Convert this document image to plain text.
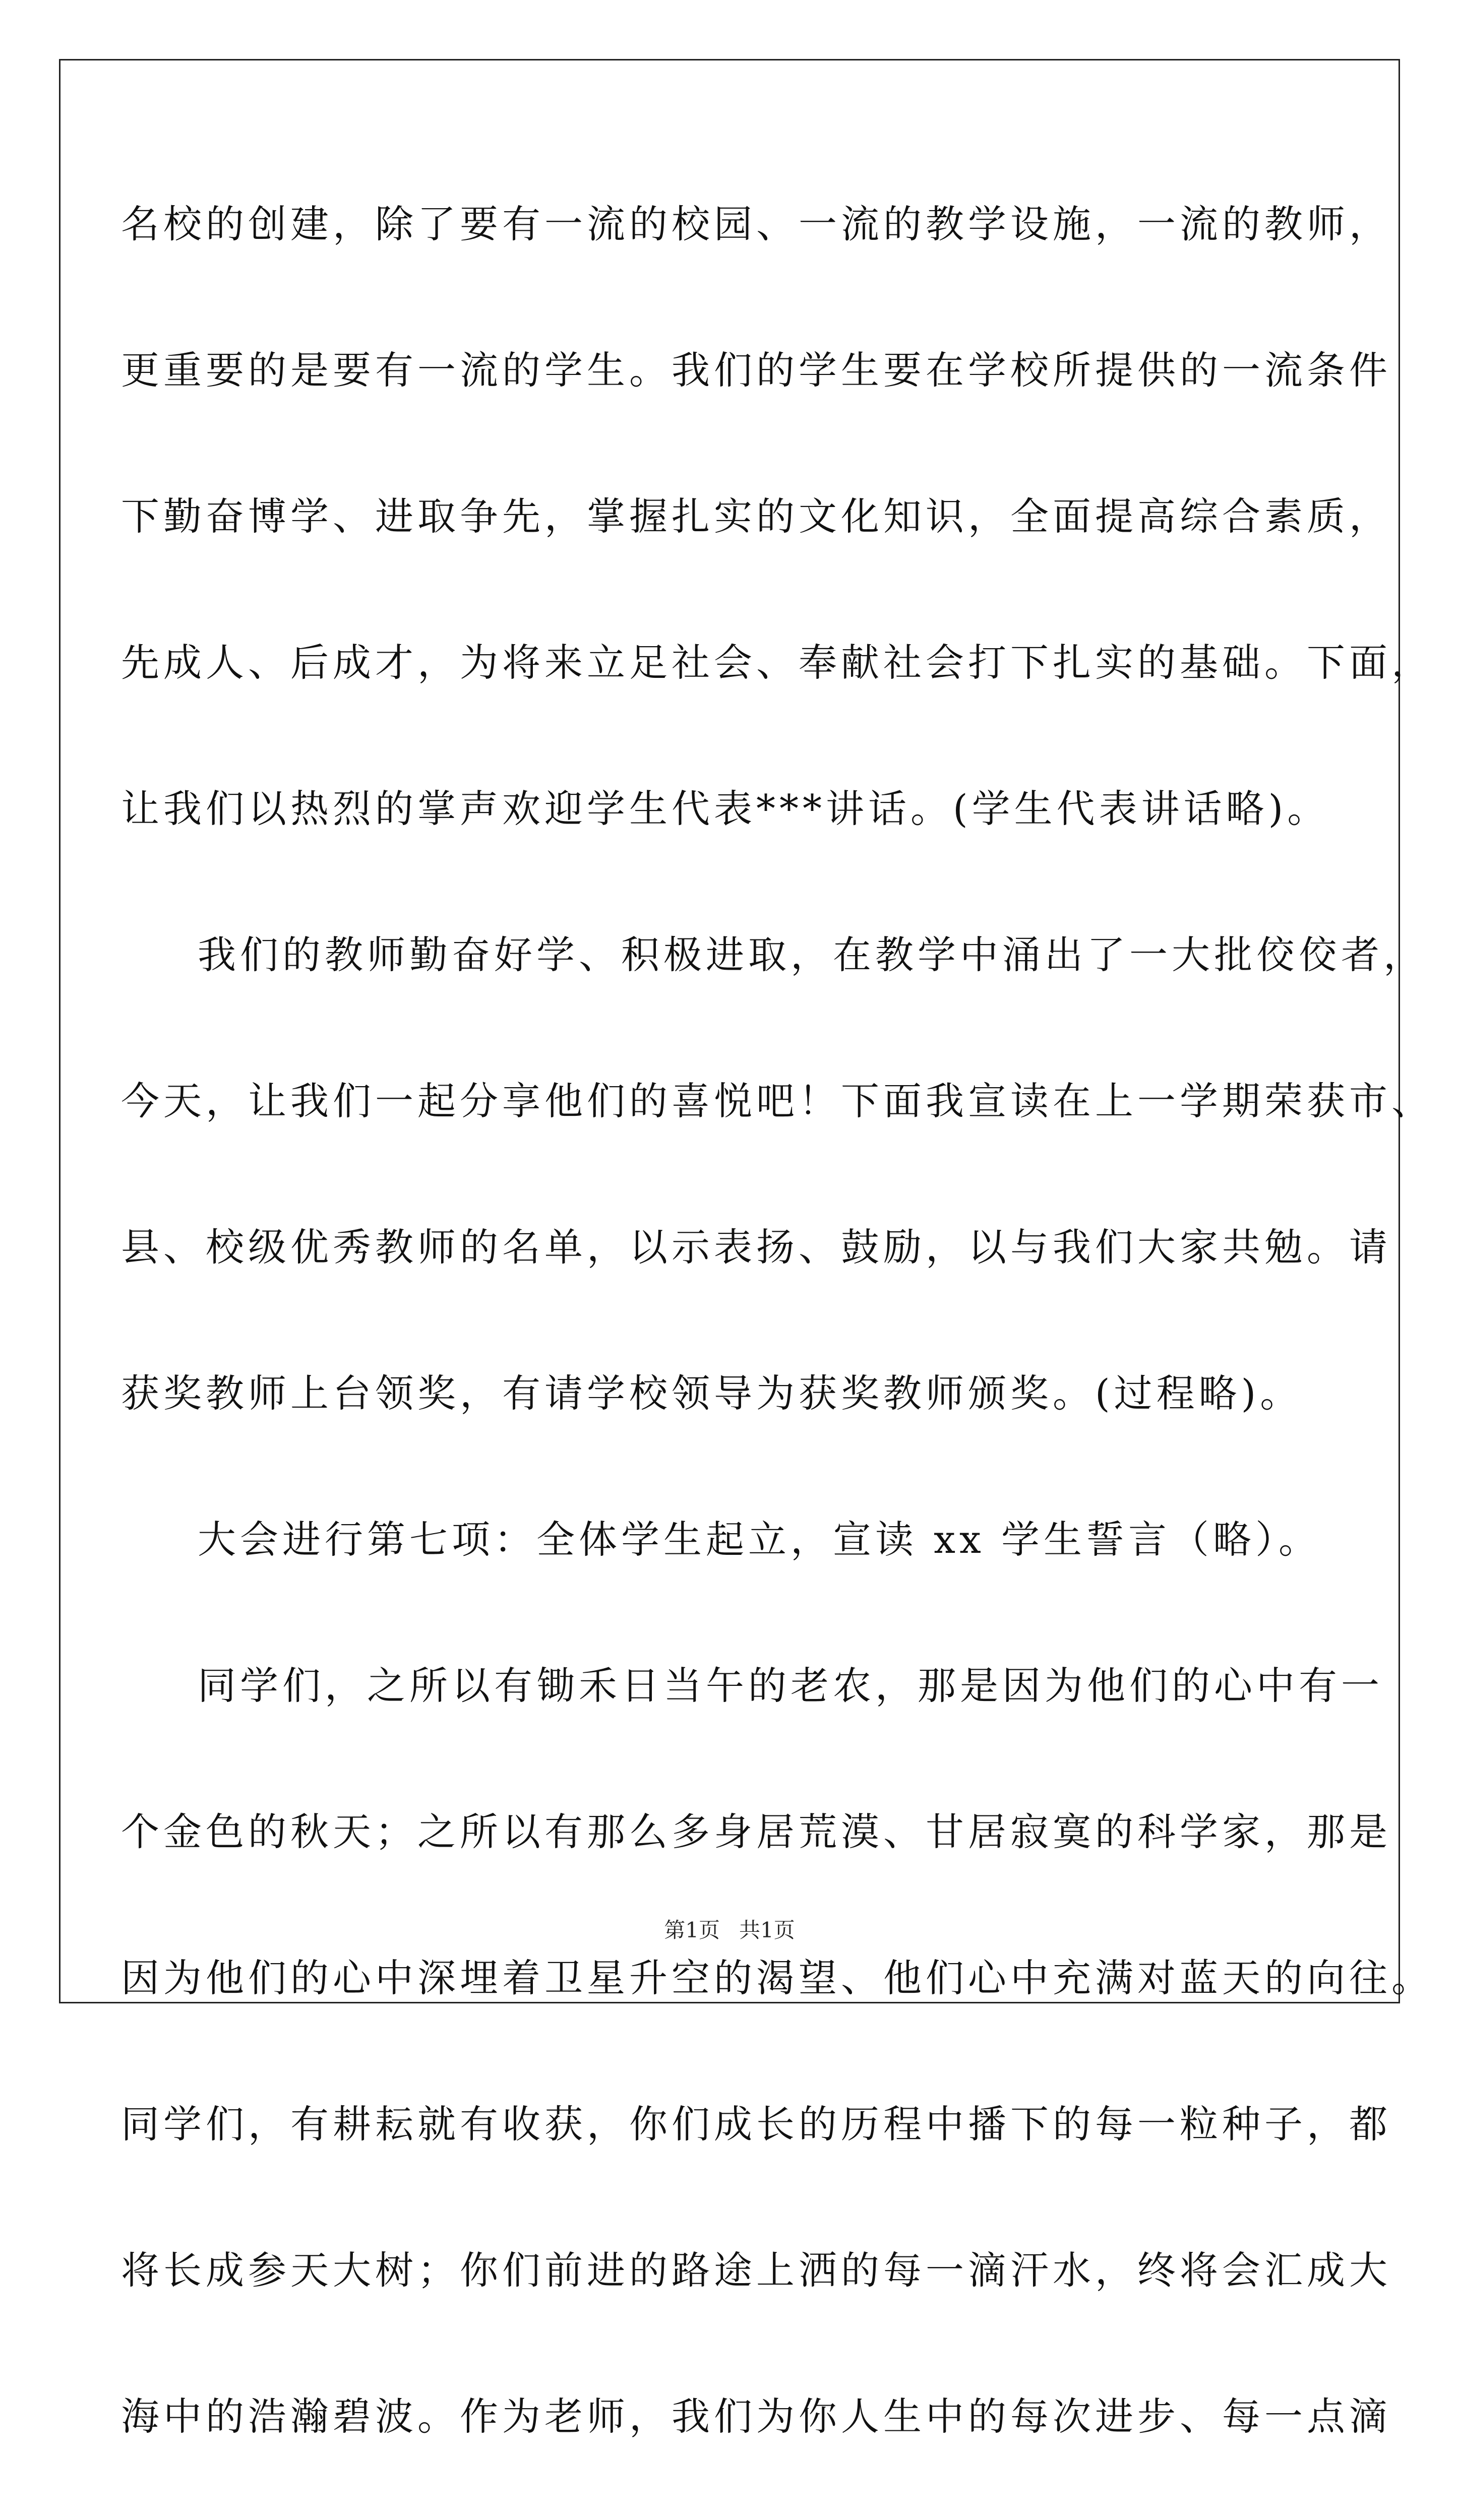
名校的创建，除了要有一流的校园、一流的教学设施，一流的教师，
更重要的是要有一流的学生。我们的学生要在学校所提供的一流条件
下勤奋博学、进取争先，掌握扎实的文化知识，全面提高综合素质，
先成人、后成才，为将来立足社会、奉献社会打下扎实的基础。下面，
让我们以热烈的掌声欢迎学生代表***讲话。(学生代表讲话略)。
我们的教师勤奋好学、积极进取，在教学中涌出了一大批佼佼者，
今天，让我们一起分享他们的喜悦吧！下面我宣读在上一学期荣获市、
县、校级优秀教师的名单，以示表扬、鼓励，以与我们大家共勉。请
获奖教师上台领奖，有请学校领导为获奖教师颁奖。(过程略)。
大会进行第七项：全体学生起立，宣读 xx 学生誓言（略）。
同学们，之所以有锄禾日当午的老农，那是因为他们的心中有一
个金色的秋天；之所以有那么多身居荒漠、甘居寂寞的科学家，那是
因为他们的心中深埋着卫星升空的渴望、他们心中充满对蓝天的向往。
同学们，有耕耘就有收获，你们成长的历程中播下的每一粒种子，都
将长成参天大树；你们前进的路途上洒的每一滴汗水，终将会汇成大
海中的浩瀚碧波。作为老师，我们为你人生中的每次进步、每一点滴
第1页 共1页
